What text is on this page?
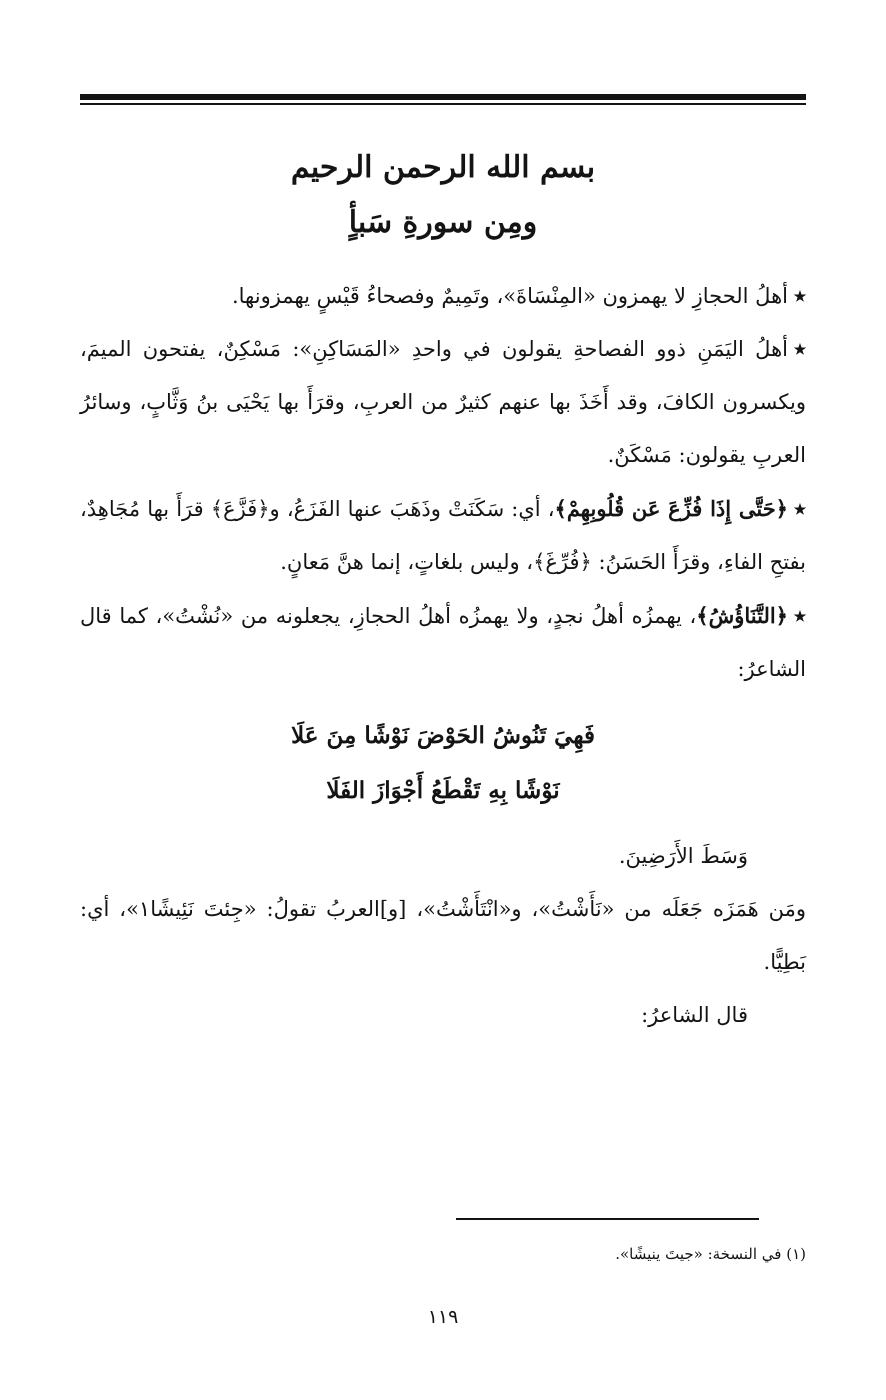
بسم الله الرحمن الرحيم
ومِن سورةِ سَبأٍ

٭أهلُ الحجازِ لا يهمزون «المِنْسَاةَ»، وتَمِيمٌ وفصحاءُ قَيْسٍ يهمزونها.

٭أهلُ اليَمَنِ ذوو الفصاحةِ يقولون في واحدِ «المَسَاكِنِ»: مَسْكِنٌ، يفتحون الميمَ، ويكسرون الكافَ، وقد أَخَذَ بها عنهم كثيرٌ من العربِ، وقرَأَ بها يَحْيَى بنُ وَثَّابٍ، وسائرُ العربِ يقولون: مَسْكَنٌ.

٭﴿حَتَّى إِذَا فُزِّعَ عَن قُلُوبِهِمْ﴾، أي: سَكَنَتْ وذَهَبَ عنها الفَزَعُ، و﴿فَزَّعَ﴾ قرَأَ بها مُجَاهِدٌ، بفتحِ الفاءِ، وقرَأَ الحَسَنُ: ﴿فُرِّغَ﴾، وليس بلغاتٍ، إنما هنَّ مَعانٍ.

٭﴿التَّنَاؤُشُ﴾، يهمزُه أهلُ نجدٍ، ولا يهمزُه أهلُ الحجازِ، يجعلونه من «نُشْتُ»، كما قال الشاعرُ:

فَهِيَ تَنُوشُ الحَوْضَ نَوْشًا مِنَ عَلَا
نَوْشًا بِهِ تَقْطَعُ أَجْوَازَ الفَلَا

وَسَطَ الأَرَضِينَ.

ومَن هَمَزَه جَعَلَه من «نَأَشْتُ»، و«انْتَأَشْتُ»، [و]العربُ تقولُ: «جِئتَ نَئِيشًا١»، أي: بَطِيًّا.

قال الشاعرُ:

(١) في النسخة: «جيتَ ينيشًا».
١١٩
